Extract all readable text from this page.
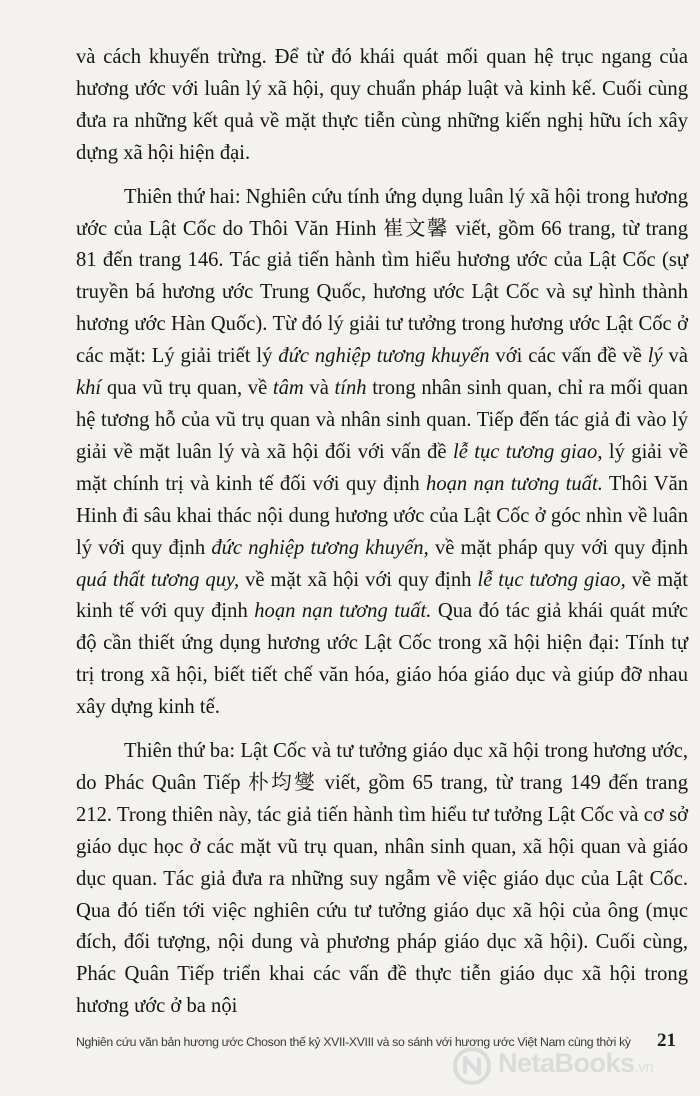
và cách khuyến trừng. Để từ đó khái quát mối quan hệ trục ngang của hương ước với luân lý xã hội, quy chuẩn pháp luật và kinh kế. Cuối cùng đưa ra những kết quả về mặt thực tiễn cùng những kiến nghị hữu ích xây dựng xã hội hiện đại.

Thiên thứ hai: Nghiên cứu tính ứng dụng luân lý xã hội trong hương ước của Lật Cốc do Thôi Văn Hinh 崔文馨 viết, gồm 66 trang, từ trang 81 đến trang 146. Tác giả tiến hành tìm hiểu hương ước của Lật Cốc (sự truyền bá hương ước Trung Quốc, hương ước Lật Cốc và sự hình thành hương ước Hàn Quốc). Từ đó lý giải tư tưởng trong hương ước Lật Cốc ở các mặt: Lý giải triết lý đức nghiệp tương khuyến với các vấn đề về lý và khí qua vũ trụ quan, về tâm và tính trong nhân sinh quan, chỉ ra mối quan hệ tương hỗ của vũ trụ quan và nhân sinh quan. Tiếp đến tác giả đi vào lý giải về mặt luân lý và xã hội đối với vấn đề lễ tục tương giao, lý giải về mặt chính trị và kinh tế đối với quy định hoạn nạn tương tuất. Thôi Văn Hinh đi sâu khai thác nội dung hương ước của Lật Cốc ở góc nhìn về luân lý với quy định đức nghiệp tương khuyến, về mặt pháp quy với quy định quá thất tương quy, về mặt xã hội với quy định lễ tục tương giao, về mặt kinh tế với quy định hoạn nạn tương tuất. Qua đó tác giả khái quát mức độ cần thiết ứng dụng hương ước Lật Cốc trong xã hội hiện đại: Tính tự trị trong xã hội, biết tiết chế văn hóa, giáo hóa giáo dục và giúp đỡ nhau xây dựng kinh tế.

Thiên thứ ba: Lật Cốc và tư tưởng giáo dục xã hội trong hương ước, do Phác Quân Tiếp 朴均燮 viết, gồm 65 trang, từ trang 149 đến trang 212. Trong thiên này, tác giả tiến hành tìm hiểu tư tưởng Lật Cốc và cơ sở giáo dục học ở các mặt vũ trụ quan, nhân sinh quan, xã hội quan và giáo dục quan. Tác giả đưa ra những suy ngẫm về việc giáo dục của Lật Cốc. Qua đó tiến tới việc nghiên cứu tư tưởng giáo dục xã hội của ông (mục đích, đối tượng, nội dung và phương pháp giáo dục xã hội). Cuối cùng, Phác Quân Tiếp triển khai các vấn đề thực tiễn giáo dục xã hội trong hương ước ở ba nội

Nghiên cứu văn bản hương ước Choson thế kỷ XVII-XVIII và so sánh với hương ước Việt Nam cùng thời kỳ 21
NetaBooks.vn
